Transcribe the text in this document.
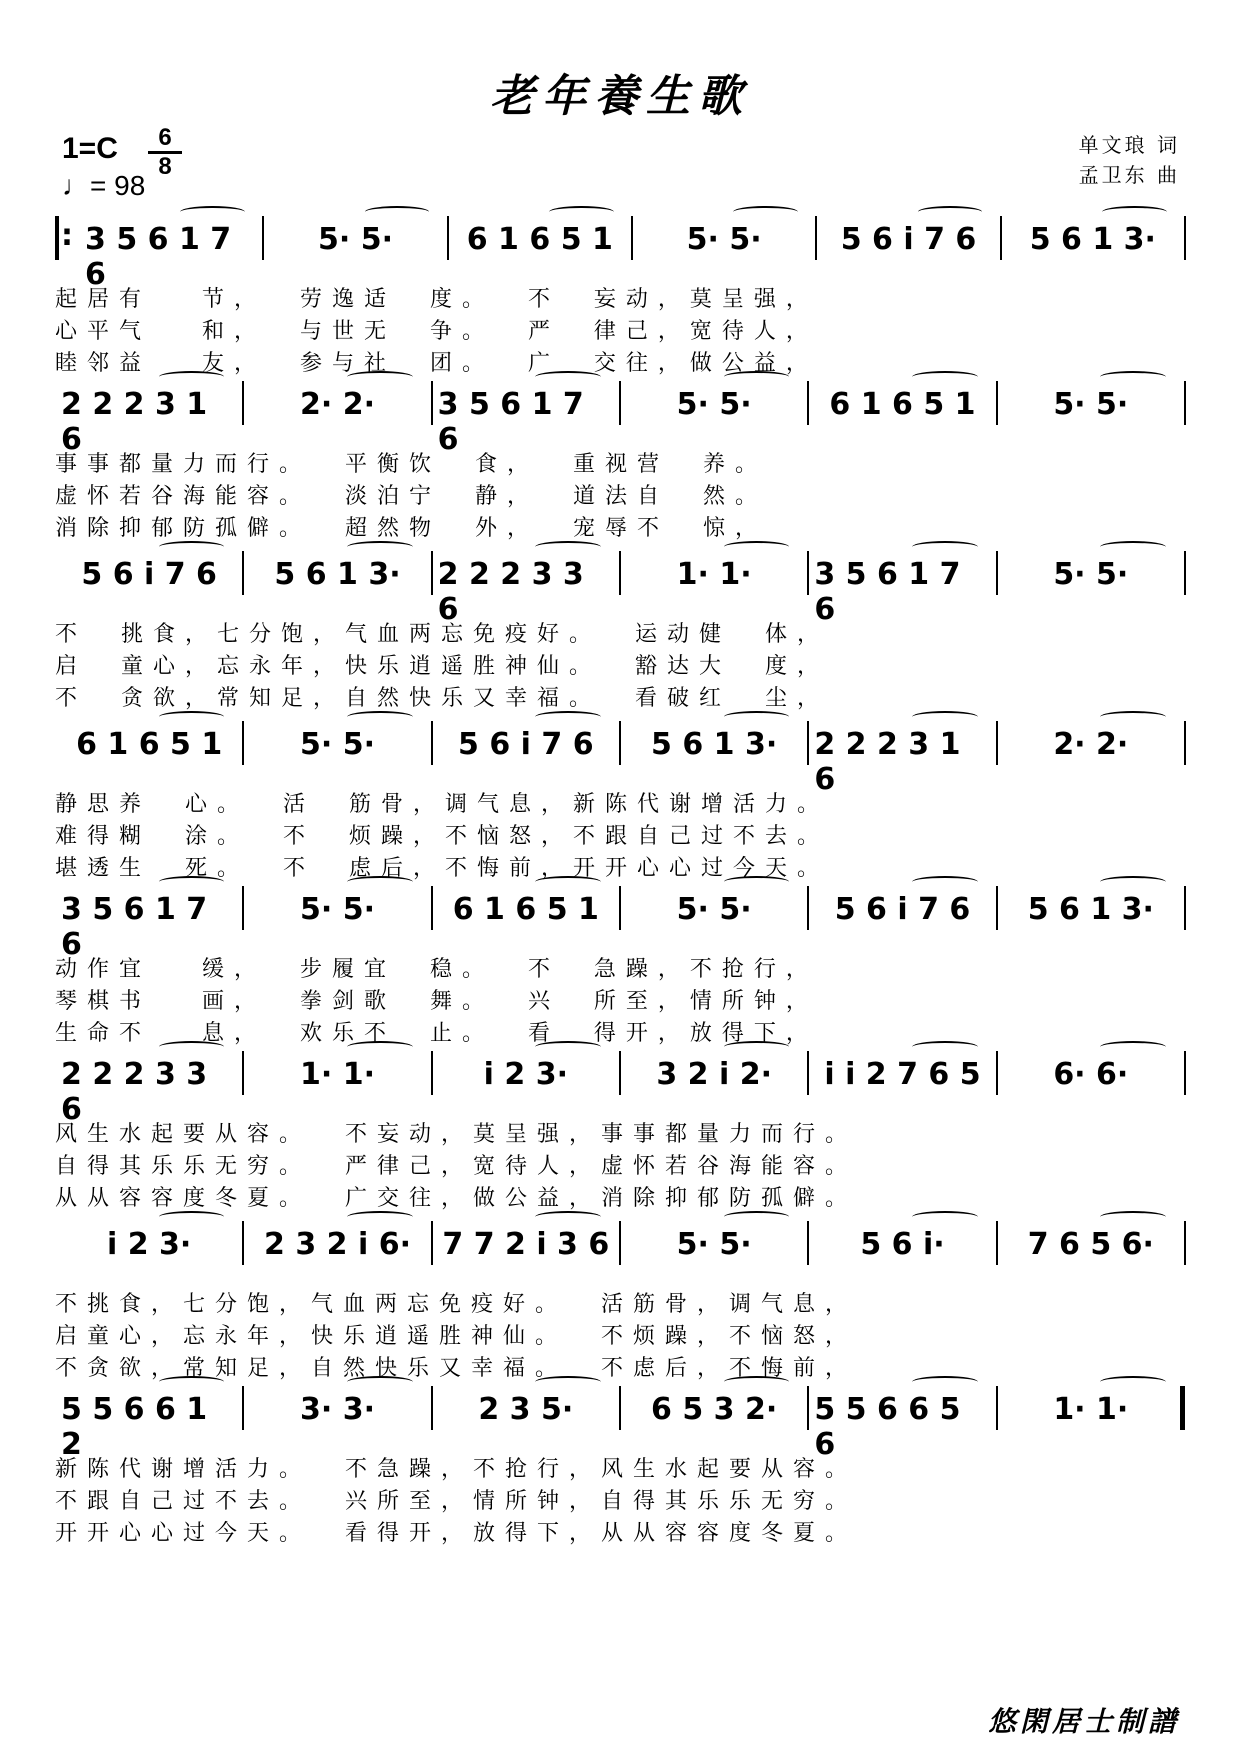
老年養生歌
1=C	6
8
♩= 98
单文琅 词
孟卫东 曲
:
3 5 6 1 7 6
5· 5·	6 1 6 5 1	5· 5·	5 6 i 7 6	5 6 1 3·
起居有   节，  劳逸适  度。  不  妄动，莫呈强，
心平气   和，  与世无  争。  严  律己，宽待人，
睦邻益   友，  参与社  团。  广  交往，做公益，
2 2 2 3 1 6
2· 2·	3 5 6 1 7 6
5· 5·	6 1 6 5 1	5· 5·
事事都量力而行。  平衡饮  食，  重视营  养。
虚怀若谷海能容。  淡泊宁  静，  道法自  然。
消除抑郁防孤僻。  超然物  外，  宠辱不  惊，
5 6 i 7 6	5 6 1 3·	2 2 2 3 3 6
1· 1·	3 5 6 1 7 6
5· 5·
不  挑食，七分饱，气血两忘免疫好。  运动健  体，
启  童心，忘永年，快乐逍遥胜神仙。  豁达大  度，
不  贪欲，常知足，自然快乐又幸福。  看破红  尘，
6 1 6 5 1	5· 5·	5 6 i 7 6	5 6 1 3·	2 2 2 3 1 6
2· 2·
静思养  心。  活  筋骨，调气息，新陈代谢增活力。
难得糊  涂。  不  烦躁，不恼怒，不跟自己过不去。
堪透生  死。  不  虑后，不悔前，开开心心过今天。
3 5 6 1 7 6
5· 5·	6 1 6 5 1	5· 5·	5 6 i 7 6	5 6 1 3·
动作宜   缓，  步履宜  稳。  不  急躁，不抢行，
琴棋书   画，  拳剑歌  舞。  兴  所至，情所钟，
生命不   息，  欢乐不  止。  看  得开，放得下，
2 2 2 3 3 6
1· 1·	i 2 3·	3 2 i 2·	i i 2 7 6 5	6· 6·
风生水起要从容。  不妄动，莫呈强，事事都量力而行。
自得其乐乐无穷。  严律己，宽待人，虚怀若谷海能容。
从从容容度冬夏。  广交往，做公益，消除抑郁防孤僻。
i 2 3·	2 3 2 i 6·	7 7 2 i 3 6	5· 5·	5 6 i·	7 6 5 6·
不挑食，七分饱，气血两忘免疫好。  活筋骨，调气息，
启童心，忘永年，快乐逍遥胜神仙。  不烦躁，不恼怒，
不贪欲，常知足，自然快乐又幸福。  不虑后，不悔前，
5 5 6 6 1 2
3· 3·	2 3 5·	6 5 3 2·	5 5 6 6 5 6
1· 1·
新陈代谢增活力。  不急躁，不抢行，风生水起要从容。
不跟自己过不去。  兴所至，情所钟，自得其乐乐无穷。
开开心心过今天。  看得开，放得下，从从容容度冬夏。
悠閑居士制譜
